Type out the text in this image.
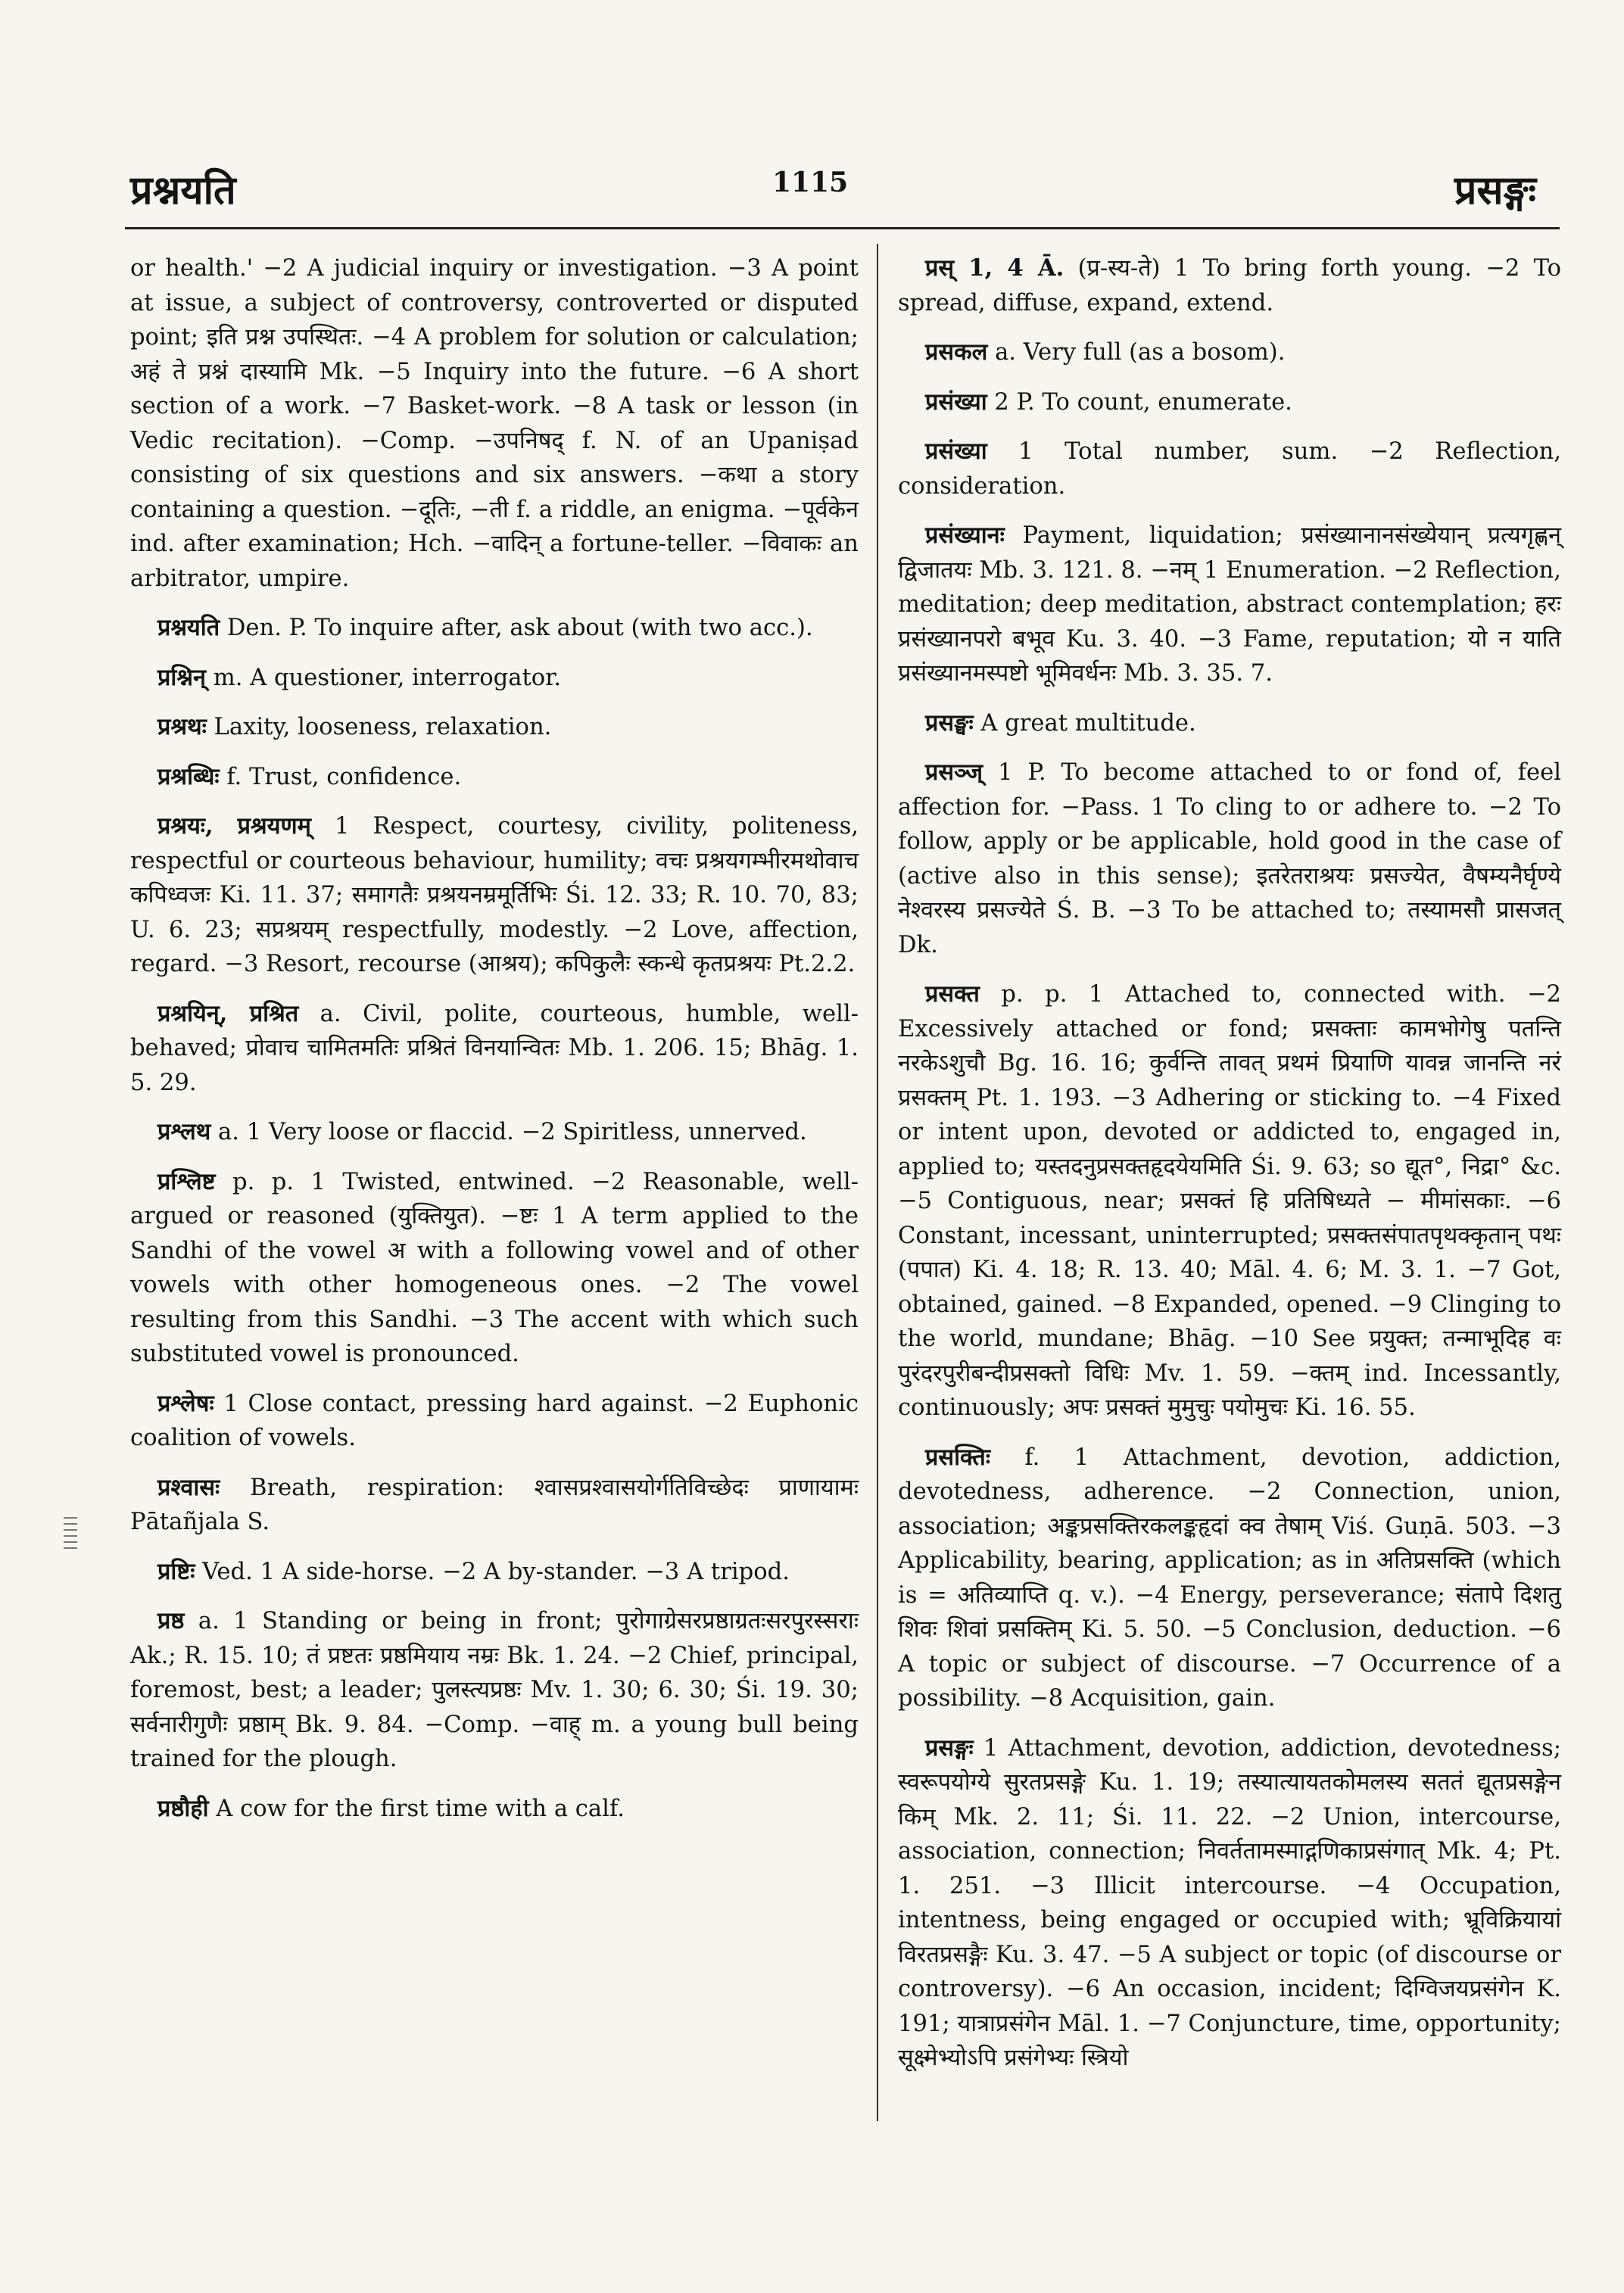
प्रश्नयति	1115	प्रसङ्गः

or health.' −2 A judicial inquiry or investigation. −3 A point at issue, a subject of controversy, controverted or disputed point; इति प्रश्न उपस्थितः. −4 A problem for solution or calculation; अहं ते प्रश्नं दास्यामि Mk. −5 Inquiry into the future. −6 A short section of a work. −7 Basket-work. −8 A task or lesson (in Vedic recitation). −Comp. −उपनिषद् f. N. of an Upaniṣad consisting of six questions and six answers. −कथा a story containing a question. −दूतिः, −ती f. a riddle, an enigma. −पूर्वकेन ind. after examination; Hch. −वादिन् a fortune-teller. −विवाकः an arbitrator, umpire.

प्रश्नयति Den. P. To inquire after, ask about (with two acc.).

प्रश्निन् m. A questioner, interrogator.

प्रश्रथः Laxity, looseness, relaxation.

प्रश्रब्धिः f. Trust, confidence.

प्रश्रयः, प्रश्रयणम् 1 Respect, courtesy, civility, politeness, respectful or courteous behaviour, humility; वचः प्रश्रयगम्भीरमथोवाच कपिध्वजः Ki. 11. 37; समागतैः प्रश्रयनम्रमूर्तिभिः Śi. 12. 33; R. 10. 70, 83; U. 6. 23; सप्रश्रयम् respectfully, modestly. −2 Love, affection, regard. −3 Resort, recourse (आश्रय); कपिकुलैः स्कन्धे कृतप्रश्रयः Pt.2.2.

प्रश्रयिन्, प्रश्रित a. Civil, polite, courteous, humble, well-behaved; प्रोवाच चामितमतिः प्रश्रितं विनयान्वितः Mb. 1. 206. 15; Bhāg. 1. 5. 29.

प्रश्लथ a. 1 Very loose or flaccid. −2 Spiritless, unnerved.

प्रश्लिष्ट p. p. 1 Twisted, entwined. −2 Reasonable, well-argued or reasoned (युक्तियुत). −ष्टः 1 A term applied to the Sandhi of the vowel अ with a following vowel and of other vowels with other homogeneous ones. −2 The vowel resulting from this Sandhi. −3 The accent with which such substituted vowel is pronounced.

प्रश्लेषः 1 Close contact, pressing hard against. −2 Euphonic coalition of vowels.

प्रश्वासः Breath, respiration: श्वासप्रश्वासयोर्गतिविच्छेदः प्राणायामः Pātañjala S.

प्रष्टिः Ved. 1 A side-horse. −2 A by-stander. −3 A tripod.

प्रष्ठ a. 1 Standing or being in front; पुरोगाग्रेसरप्रष्ठाग्रतःसरपुरस्सराः Ak.; R. 15. 10; तं प्रष्टतः प्रष्ठमियाय नम्रः Bk. 1. 24. −2 Chief, principal, foremost, best; a leader; पुलस्त्यप्रष्ठः Mv. 1. 30; 6. 30; Śi. 19. 30; सर्वनारीगुणैः प्रष्ठाम् Bk. 9. 84. −Comp. −वाह् m. a young bull being trained for the plough.

प्रष्ठौही A cow for the first time with a calf.

प्रस् 1, 4 Ā. (प्र-स्य-ते) 1 To bring forth young. −2 To spread, diffuse, expand, extend.

प्रसकल a. Very full (as a bosom).

प्रसंख्या 2 P. To count, enumerate.

प्रसंख्या 1 Total number, sum. −2 Reflection, consideration.

प्रसंख्यानः Payment, liquidation; प्रसंख्यानानसंख्येयान् प्रत्यगृह्णन् द्विजातयः Mb. 3. 121. 8. −नम् 1 Enumeration. −2 Reflection, meditation; deep meditation, abstract contemplation; हरः प्रसंख्यानपरो बभूव Ku. 3. 40. −3 Fame, reputation; यो न याति प्रसंख्यानमस्पष्टो भूमिवर्धनः Mb. 3. 35. 7.

प्रसङ्घः A great multitude.

प्रसञ्ज् 1 P. To become attached to or fond of, feel affection for. −Pass. 1 To cling to or adhere to. −2 To follow, apply or be applicable, hold good in the case of (active also in this sense); इतरेतराश्रयः प्रसज्येत, वैषम्यनैर्घृण्ये नेश्वरस्य प्रसज्येते Ś. B. −3 To be attached to; तस्यामसौ प्रासजत् Dk.

प्रसक्त p. p. 1 Attached to, connected with. −2 Excessively attached or fond; प्रसक्ताः कामभोगेषु पतन्ति नरकेऽशुचौ Bg. 16. 16; कुर्वन्ति तावत् प्रथमं प्रियाणि यावन्न जानन्ति नरं प्रसक्तम् Pt. 1. 193. −3 Adhering or sticking to. −4 Fixed or intent upon, devoted or addicted to, engaged in, applied to; यस्तदनुप्रसक्तहृदयेयमिति Śi. 9. 63; so द्यूत°, निद्रा° &c. −5 Contiguous, near; प्रसक्तं हि प्रतिषिध्यते − मीमांसकाः. −6 Constant, incessant, uninterrupted; प्रसक्तसंपातपृथक्कृतान् पथः (पपात) Ki. 4. 18; R. 13. 40; Māl. 4. 6; M. 3. 1. −7 Got, obtained, gained. −8 Expanded, opened. −9 Clinging to the world, mundane; Bhāg. −10 See प्रयुक्त; तन्माभूदिह वः पुरंदरपुरीबन्दीप्रसक्तो विधिः Mv. 1. 59. −क्तम् ind. Incessantly, continuously; अपः प्रसक्तं मुमुचुः पयोमुचः Ki. 16. 55.

प्रसक्तिः f. 1 Attachment, devotion, addiction, devotedness, adherence. −2 Connection, union, association; अङ्कप्रसक्तिरकलङ्कहृदां क्व तेषाम् Viś. Guṇā. 503. −3 Applicability, bearing, application; as in अतिप्रसक्ति (which is = अतिव्याप्ति q. v.). −4 Energy, perseverance; संतापे दिशतु शिवः शिवां प्रसक्तिम् Ki. 5. 50. −5 Conclusion, deduction. −6 A topic or subject of discourse. −7 Occurrence of a possibility. −8 Acquisition, gain.

प्रसङ्गः 1 Attachment, devotion, addiction, devotedness; स्वरूपयोग्ये सुरतप्रसङ्गे Ku. 1. 19; तस्यात्यायतकोमलस्य सततं द्यूतप्रसङ्गेन किम् Mk. 2. 11; Śi. 11. 22. −2 Union, intercourse, association, connection; निवर्ततामस्माद्गणिकाप्रसंगात् Mk. 4; Pt. 1. 251. −3 Illicit intercourse. −4 Occupation, intentness, being engaged or occupied with; भ्रूविक्रियायां विरतप्रसङ्गैः Ku. 3. 47. −5 A subject or topic (of discourse or controversy). −6 An occasion, incident; दिग्विजयप्रसंगेन K. 191; यात्राप्रसंगेन Māl. 1. −7 Conjuncture, time, opportunity; सूक्ष्मेभ्योऽपि प्रसंगेभ्यः स्त्रियो
